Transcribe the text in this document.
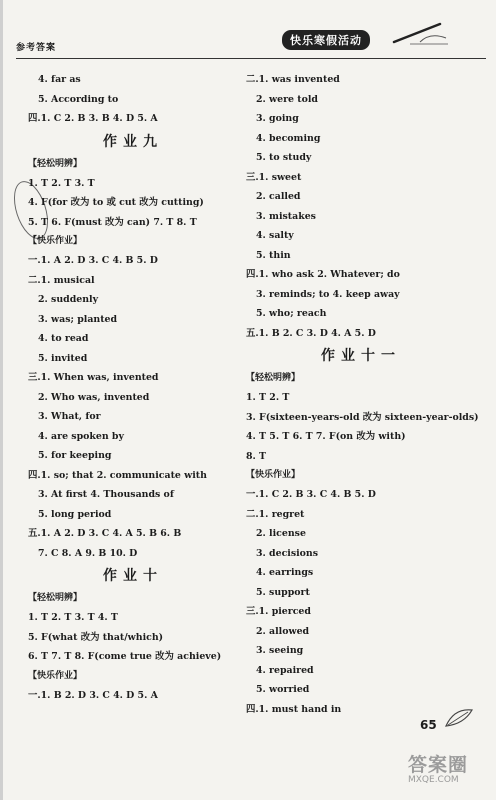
参考答案
快乐寒假活动
4. far as
5. According to
四.1. C 2. B 3. B 4. D 5. A
作业九
【轻松明辨】
1. T 2. T 3. T
4. F(for 改为 to 或 cut 改为 cutting)
5. T 6. F(must 改为 can) 7. T 8. T
【快乐作业】
一.1. A 2. D 3. C 4. B 5. D
二.1. musical
2. suddenly
3. was; planted
4. to read
5. invited
三.1. When was, invented
2. Who was, invented
3. What, for
4. are spoken by
5. for keeping
四.1. so; that 2. communicate with
3. At first 4. Thousands of
5. long period
五.1. A 2. D 3. C 4. A 5. B 6. B
7. C 8. A 9. B 10. D
作业十
【轻松明辨】
1. T 2. T 3. T 4. T
5. F(what 改为 that/which)
6. T 7. T 8. F(come true 改为 achieve)
【快乐作业】
一.1. B 2. D 3. C 4. D 5. A
二.1. was invented
2. were told
3. going
4. becoming
5. to study
三.1. sweet
2. called
3. mistakes
4. salty
5. thin
四.1. who ask 2. Whatever; do
3. reminds; to 4. keep away
5. who; reach
五.1. B 2. C 3. D 4. A 5. D
作业十一
【轻松明辨】
1. T 2. T
3. F(sixteen-years-old 改为 sixteen-year-olds)
4. T 5. T 6. T 7. F(on 改为 with)
8. T
【快乐作业】
一.1. C 2. B 3. C 4. B 5. D
二.1. regret
2. license
3. decisions
4. earrings
5. support
三.1. pierced
2. allowed
3. seeing
4. repaired
5. worried
四.1. must hand in
65
答案圈
MXQE.COM
